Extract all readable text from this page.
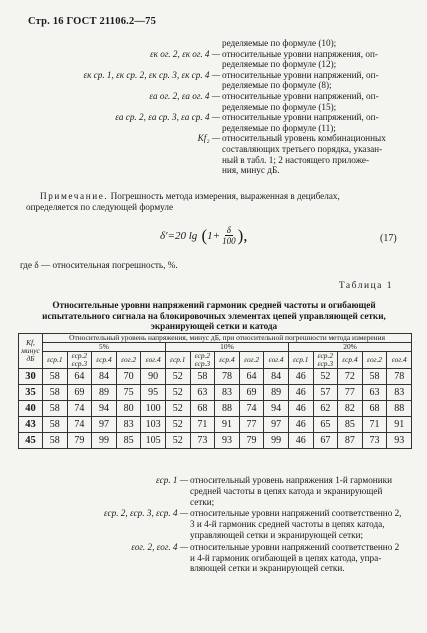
Стр. 16 ГОСТ 21106.2—75
ределяемые по формуле (10);
ɛк ог. 2, ɛк ог. 4 — относительные уровни напряжения, оп-
ределяемые по формуле (12);
ɛк ср. 1, ɛк ср. 2, ɛк ср. 3, ɛк ср. 4 — относительные уровни напряжений, оп-
ределяемые по формуле (8);
ɛа ог. 2, ɛа ог. 4 — относительные уровни напряжений, оп-
ределяемые по формуле (15);
ɛа ср. 2, ɛа ср. 3, ɛа ср. 4 — относительные уровни напряжений, оп-
ределяемые по формуле (11);
Kf₂ — относительный уровень комбинационных
составляющих третьего порядка, указан-
ный в табл. 1; 2 настоящего приложе-
ния, минус дБ.
Примечание. Погрешность метода измерения, выраженная в децибелах,
определяется по следующей формуле
δ′=20 lg ( $1+ \frac{\delta}{100}$ ),	(17)
где δ — относительная погрешность, %.
Таблица 1
Относительные уровни напряжений гармоник средней частоты и огибающей испытательного сигнала на блокировочных элементах цепей управляющей сетки, экранирующей сетки и катода
Kf, минус дБ	Относительный уровень напряжения, минус дБ, при относительной погрешности метода измерения														
	5%					10%					20%				
	ɛср.1	ɛср.2 ɛср.3	ɛср.4	ɛог.2	ɛог.4	ɛср.1	ɛср.2 ɛср.3	ɛср.4	ɛог.2	ɛог.4	ɛср.1	ɛср.2 ɛср.3	ɛср.4	ɛог.2	ɛог.4
30	58	64	84	70	90	52	58	78	64	84	46	52	72	58	78
35	58	69	89	75	95	52	63	83	69	89	46	57	77	63	83
40	58	74	94	80	100	52	68	88	74	94	46	62	82	68	88
43	58	74	97	83	103	52	71	91	77	97	46	65	85	71	91
45	58	79	99	85	105	52	73	93	79	99	46	67	87	73	93
ɛср. 1 — относительный уровень напряжения 1-й гармоники
средней частоты в цепях катода и экранирующей
сетки;
ɛср. 2, ɛср. 3, ɛср. 4 — относительные уровни напряжений соответственно 2,
3 и 4-й гармоник средней частоты в цепях катода,
управляющей сетки и экранирующей сетки;
ɛог. 2, ɛог. 4 — относительные уровни напряжений соответственно 2
и 4-й гармоник огибающей в цепях катода, упра-
вляющей сетки и экранирующей сетки.
